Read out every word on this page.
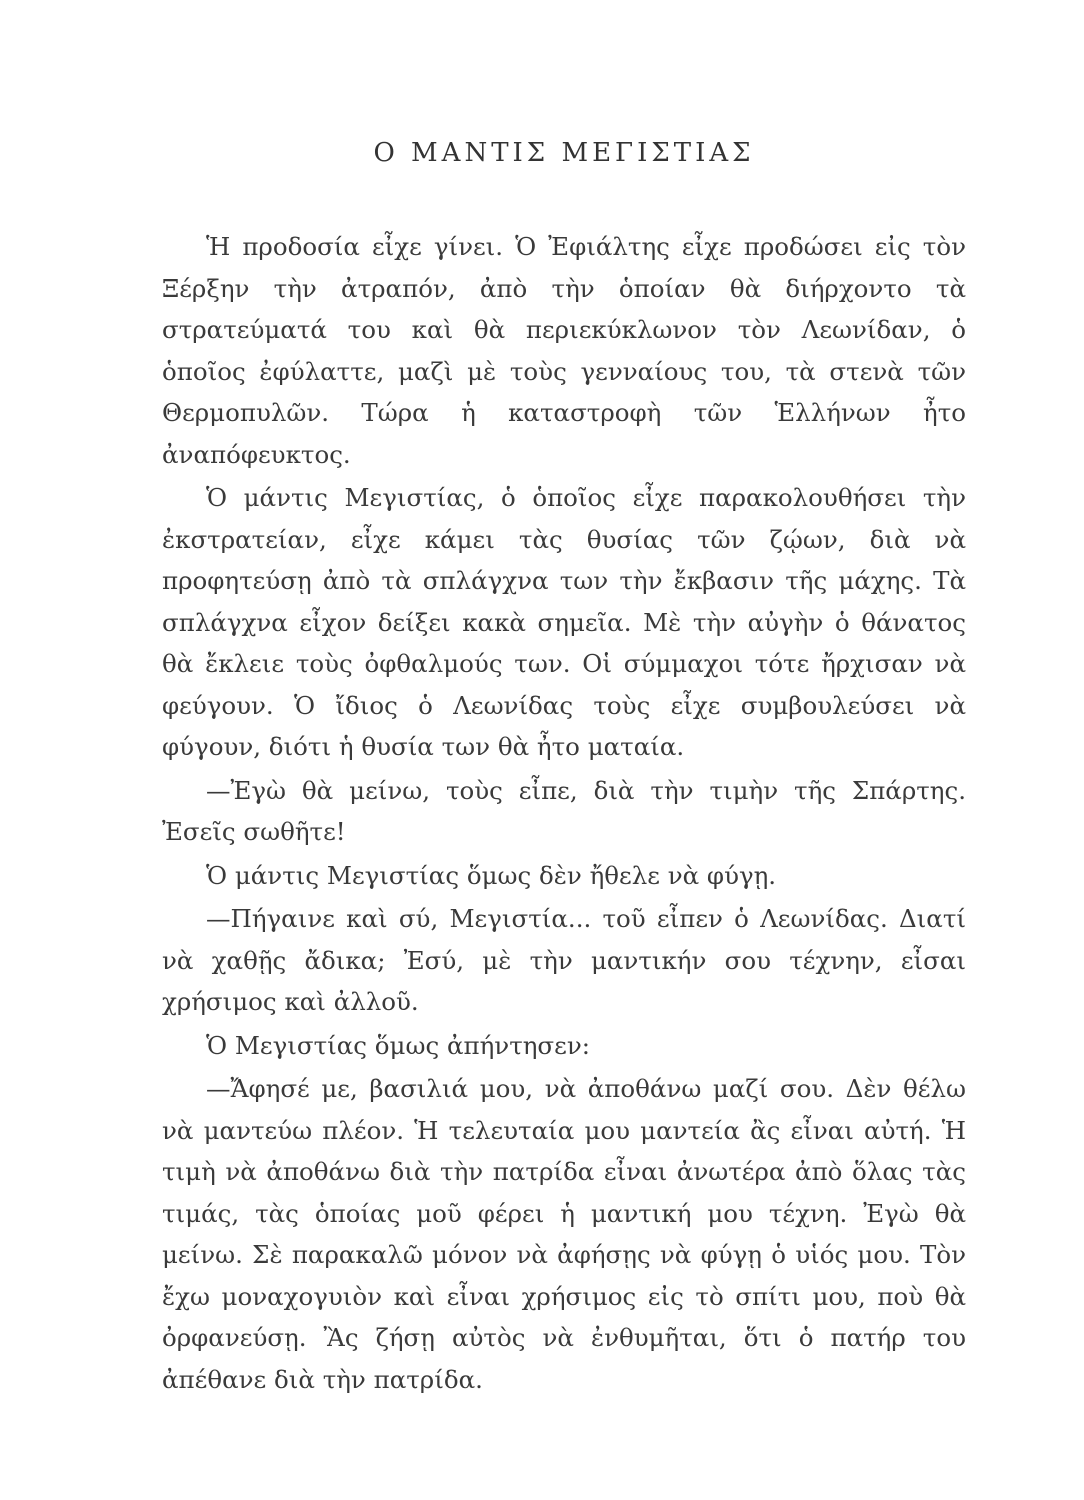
Ο ΜΑΝΤΙΣ ΜΕΓΙΣΤΙΑΣ

Ἡ προδοσία εἶχε γίνει. Ὁ Ἐφιάλτης εἶχε προδώσει εἰς τὸν Ξέρξην τὴν ἀτραπόν, ἀπὸ τὴν ὁποίαν θὰ διήρχοντο τὰ στρατεύματά του καὶ θὰ περιεκύκλωνον τὸν Λεωνίδαν, ὁ ὁποῖος ἐφύλαττε, μαζὶ μὲ τοὺς γενναίους του, τὰ στενὰ τῶν Θερμοπυλῶν. Τώρα ἡ καταστροφὴ τῶν Ἑλλήνων ἦτο ἀναπόφευκτος.

Ὁ μάντις Μεγιστίας, ὁ ὁποῖος εἶχε παρακολουθήσει τὴν ἐκστρατείαν, εἶχε κάμει τὰς θυσίας τῶν ζῴων, διὰ νὰ προφητεύσῃ ἀπὸ τὰ σπλάγχνα των τὴν ἔκβασιν τῆς μάχης. Τὰ σπλάγχνα εἶχον δείξει κακὰ σημεῖα. Μὲ τὴν αὐγὴν ὁ θάνατος θὰ ἔκλειε τοὺς ὀφθαλμούς των. Οἱ σύμμαχοι τότε ἤρχισαν νὰ φεύγουν. Ὁ ἴδιος ὁ Λεωνίδας τοὺς εἶχε συμβουλεύσει νὰ φύγουν, διότι ἡ θυσία των θὰ ἦτο ματαία.

—Ἐγὼ θὰ μείνω, τοὺς εἶπε, διὰ τὴν τιμὴν τῆς Σπάρτης. Ἐσεῖς σωθῆτε!

Ὁ μάντις Μεγιστίας ὅμως δὲν ἤθελε νὰ φύγῃ.

—Πήγαινε καὶ σύ, Μεγιστία... τοῦ εἶπεν ὁ Λεωνίδας. Διατί νὰ χαθῇς ἄδικα; Ἐσύ, μὲ τὴν μαντικήν σου τέχνην, εἶσαι χρήσιμος καὶ ἀλλοῦ.

Ὁ Μεγιστίας ὅμως ἀπήντησεν:

—Ἄφησέ με, βασιλιά μου, νὰ ἀποθάνω μαζί σου. Δὲν θέλω νὰ μαντεύω πλέον. Ἡ τελευταία μου μαντεία ἂς εἶναι αὐτή. Ἡ τιμὴ νὰ ἀποθάνω διὰ τὴν πατρίδα εἶναι ἀνωτέρα ἀπὸ ὅλας τὰς τιμάς, τὰς ὁποίας μοῦ φέρει ἡ μαντική μου τέχνη. Ἐγὼ θὰ μείνω. Σὲ παρακαλῶ μόνον νὰ ἀφήσῃς νὰ φύγῃ ὁ υἱός μου. Τὸν ἔχω μοναχογυιὸν καὶ εἶναι χρήσιμος εἰς τὸ σπίτι μου, ποὺ θὰ ὀρφανεύσῃ. Ἂς ζήσῃ αὐτὸς νὰ ἐνθυμῆται, ὅτι ὁ πατήρ του ἀπέθανε διὰ τὴν πατρίδα.
